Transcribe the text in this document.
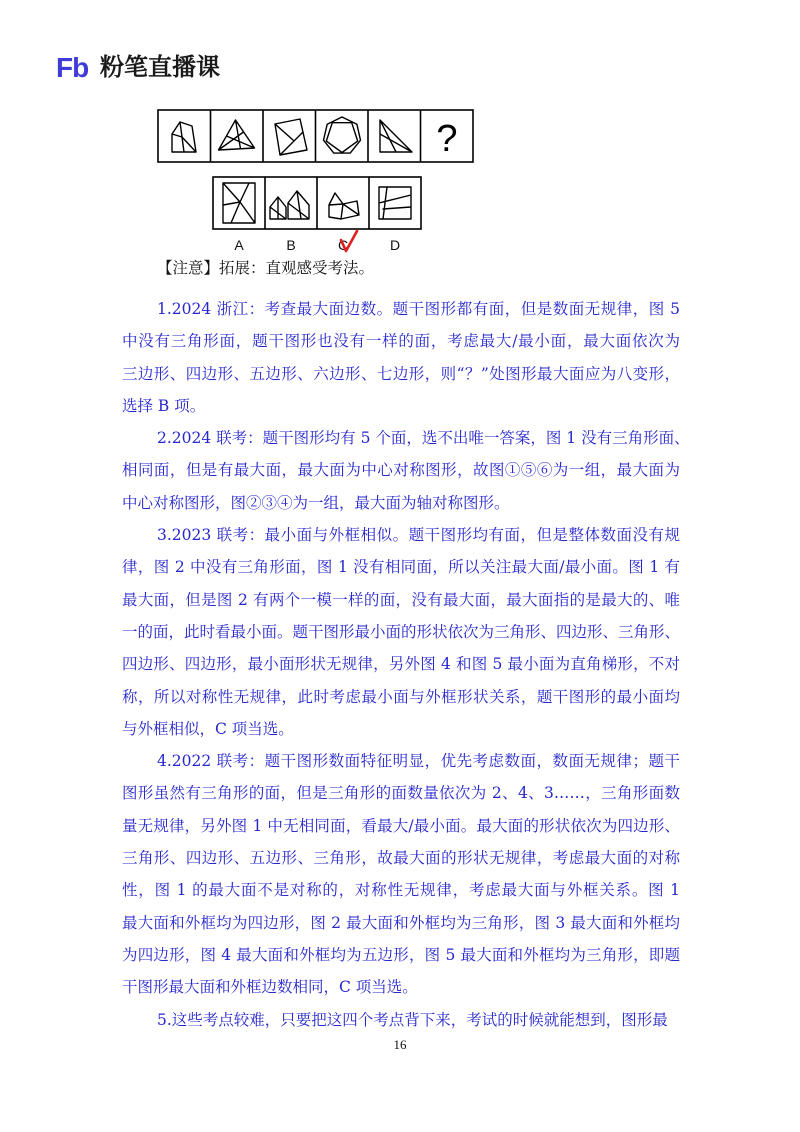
Fb 粉笔直播课
?
A	B	C	D
【注意】拓展：直观感受考法。
1.2024 浙江：考查最大面边数。题干图形都有面，但是数面无规律，图 5
中没有三角形面，题干图形也没有一样的面，考虑最大/最小面，最大面依次为
三边形、四边形、五边形、六边形、七边形，则“？”处图形最大面应为八变形，
选择 B 项。
2.2024 联考：题干图形均有 5 个面，选不出唯一答案，图 1 没有三角形面、
相同面，但是有最大面，最大面为中心对称图形，故图①⑤⑥为一组，最大面为
中心对称图形，图②③④为一组，最大面为轴对称图形。
3.2023 联考：最小面与外框相似。题干图形均有面，但是整体数面没有规
律，图 2 中没有三角形面，图 1 没有相同面，所以关注最大面/最小面。图 1 有
最大面，但是图 2 有两个一模一样的面，没有最大面，最大面指的是最大的、唯
一的面，此时看最小面。题干图形最小面的形状依次为三角形、四边形、三角形、
四边形、四边形，最小面形状无规律，另外图 4 和图 5 最小面为直角梯形，不对
称，所以对称性无规律，此时考虑最小面与外框形状关系，题干图形的最小面均
与外框相似，C 项当选。
4.2022 联考：题干图形数面特征明显，优先考虑数面，数面无规律；题干
图形虽然有三角形的面，但是三角形的面数量依次为 2、4、3……，三角形面数
量无规律，另外图 1 中无相同面，看最大/最小面。最大面的形状依次为四边形、
三角形、四边形、五边形、三角形，故最大面的形状无规律，考虑最大面的对称
性，图 1 的最大面不是对称的，对称性无规律，考虑最大面与外框关系。图 1
最大面和外框均为四边形，图 2 最大面和外框均为三角形，图 3 最大面和外框均
为四边形，图 4 最大面和外框均为五边形，图 5 最大面和外框均为三角形，即题
干图形最大面和外框边数相同，C 项当选。
5.这些考点较难，只要把这四个考点背下来，考试的时候就能想到，图形最
16
